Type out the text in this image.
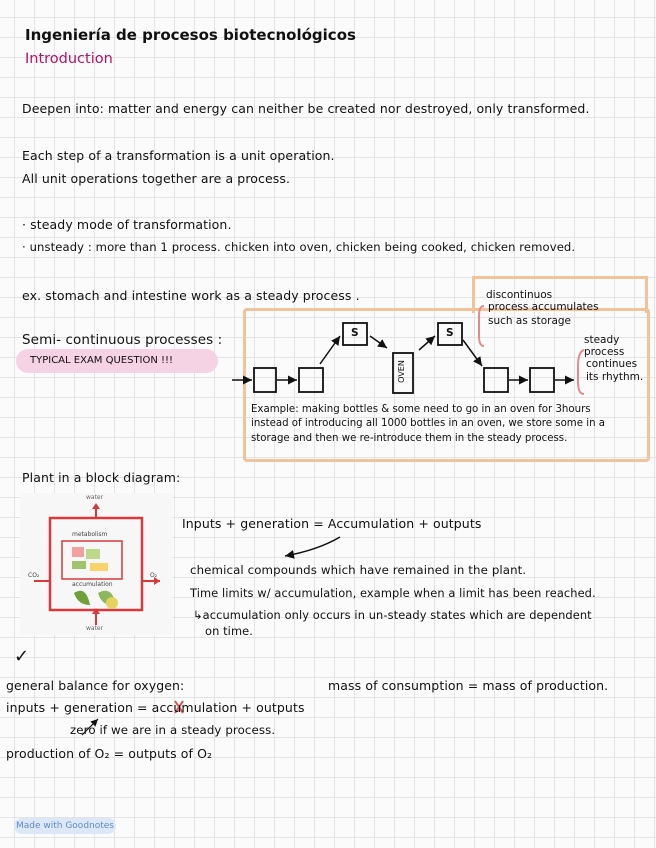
Ingeniería de procesos biotecnológicos
Introduction
Deepen into: matter and energy can neither be created nor destroyed, only transformed.
Each step of a transformation is a unit operation.
All unit operations together are a process.
· steady mode of transformation.
· unsteady : more than 1 process. chicken into oven, chicken being cooked, chicken removed.
ex. stomach and intestine work as a steady process .
Semi- continuous processes :
TYPICAL EXAM QUESTION !!!
discontinuos
process accumulates
such as storage
steady
process
continues
its rhythm.
S	S
OVEN
Example: making bottles & some need to go in an oven for 3hours
instead of introducing all 1000 bottles in an oven, we store some in a
storage and then we re-introduce them in the steady process.
Plant in a block diagram:
water
metabolism
accumulation
CO₂	O₂
water
Inputs + generation = Accumulation + outputs
chemical compounds which have remained in the plant.
Time limits w/ accumulation, example when a limit has been reached.
↳accumulation only occurs in un-steady states which are dependent
on time.
✓
general balance for oxygen:	mass of consumption = mass of production.
inputs + generation = accumulation + outputs
zero if we are in a steady process.
production of O₂ = outputs of O₂
Made with Goodnotes
